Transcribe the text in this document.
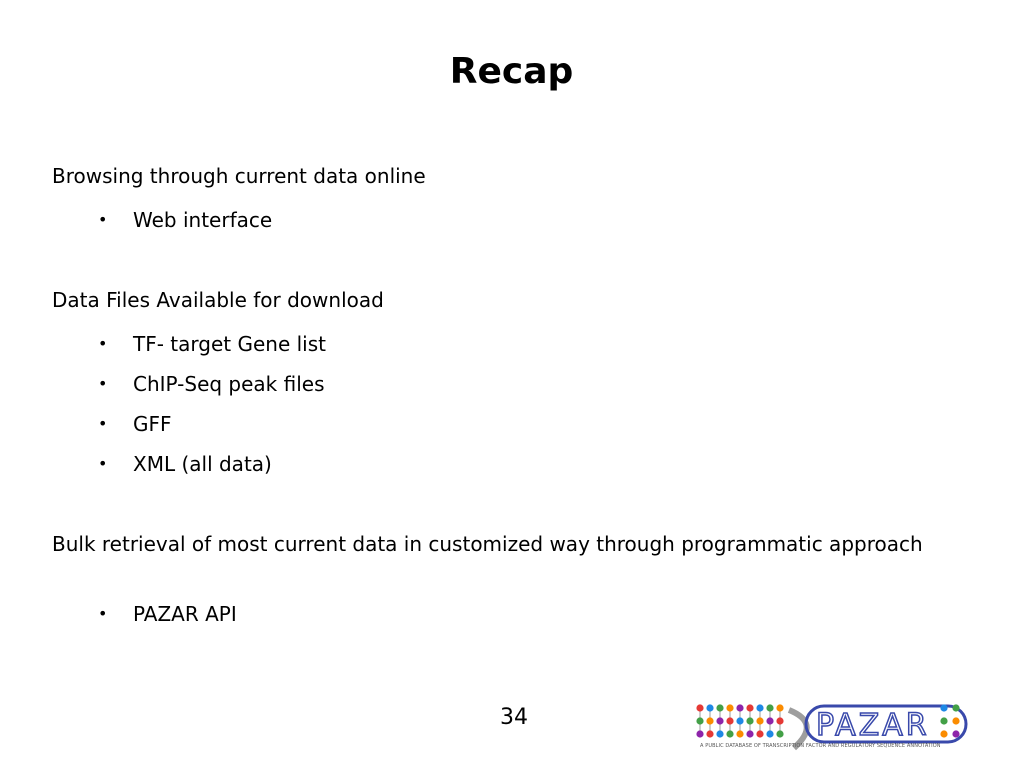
Recap
Browsing through current data online
• Web interface
Data Files Available for download
• TF- target Gene list
• ChIP-Seq peak files
• GFF
• XML (all data)
Bulk retrieval of most current data in customized way through programmatic approach
• PAZAR API
34	PAZAR
A PUBLIC DATABASE OF TRANSCRIPTION FACTOR AND REGULATORY SEQUENCE ANNOTATION
